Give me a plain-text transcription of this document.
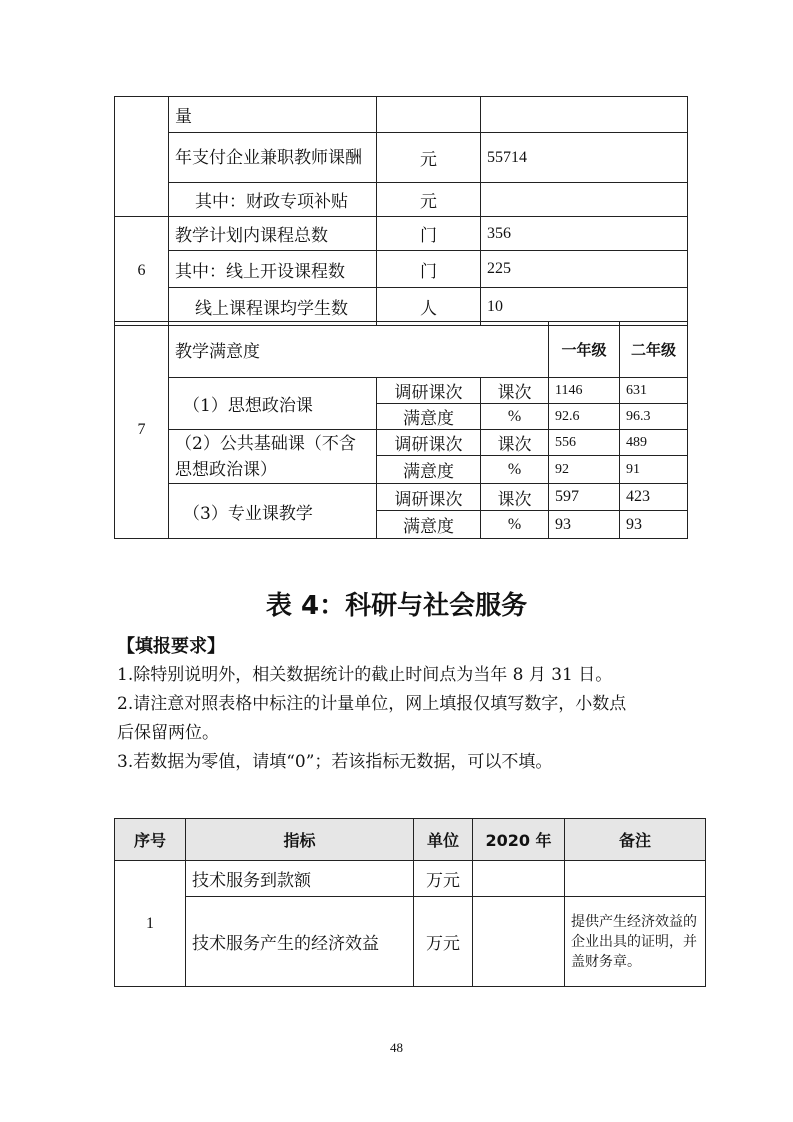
	量		
	年支付企业兼职教师课酬	元	55714
	其中：财政专项补贴	元	
6	教学计划内课程总数	门	356
	其中：线上开设课程数	门	225
	线上课程课均学生数	人	10
7	教学满意度			一年级	二年级
	（1）思想政治课	调研课次	课次	1146	631
		满意度	%	92.6	96.3
	（2）公共基础课（不含思想政治课）	调研课次	课次	556	489
		满意度	%	92	91
	（3）专业课教学	调研课次	课次	597	423
		满意度	%	93	93
表 4：科研与社会服务
【填报要求】
1.除特别说明外，相关数据统计的截止时间点为当年 8 月 31 日。
2.请注意对照表格中标注的计量单位，网上填报仅填写数字，小数点
后保留两位。
3.若数据为零值，请填“0”；若该指标无数据，可以不填。
序号	指标	单位	2020 年	备注
1	技术服务到款额	万元		
	技术服务产生的经济效益	万元		提供产生经济效益的企业出具的证明，并盖财务章。
48
